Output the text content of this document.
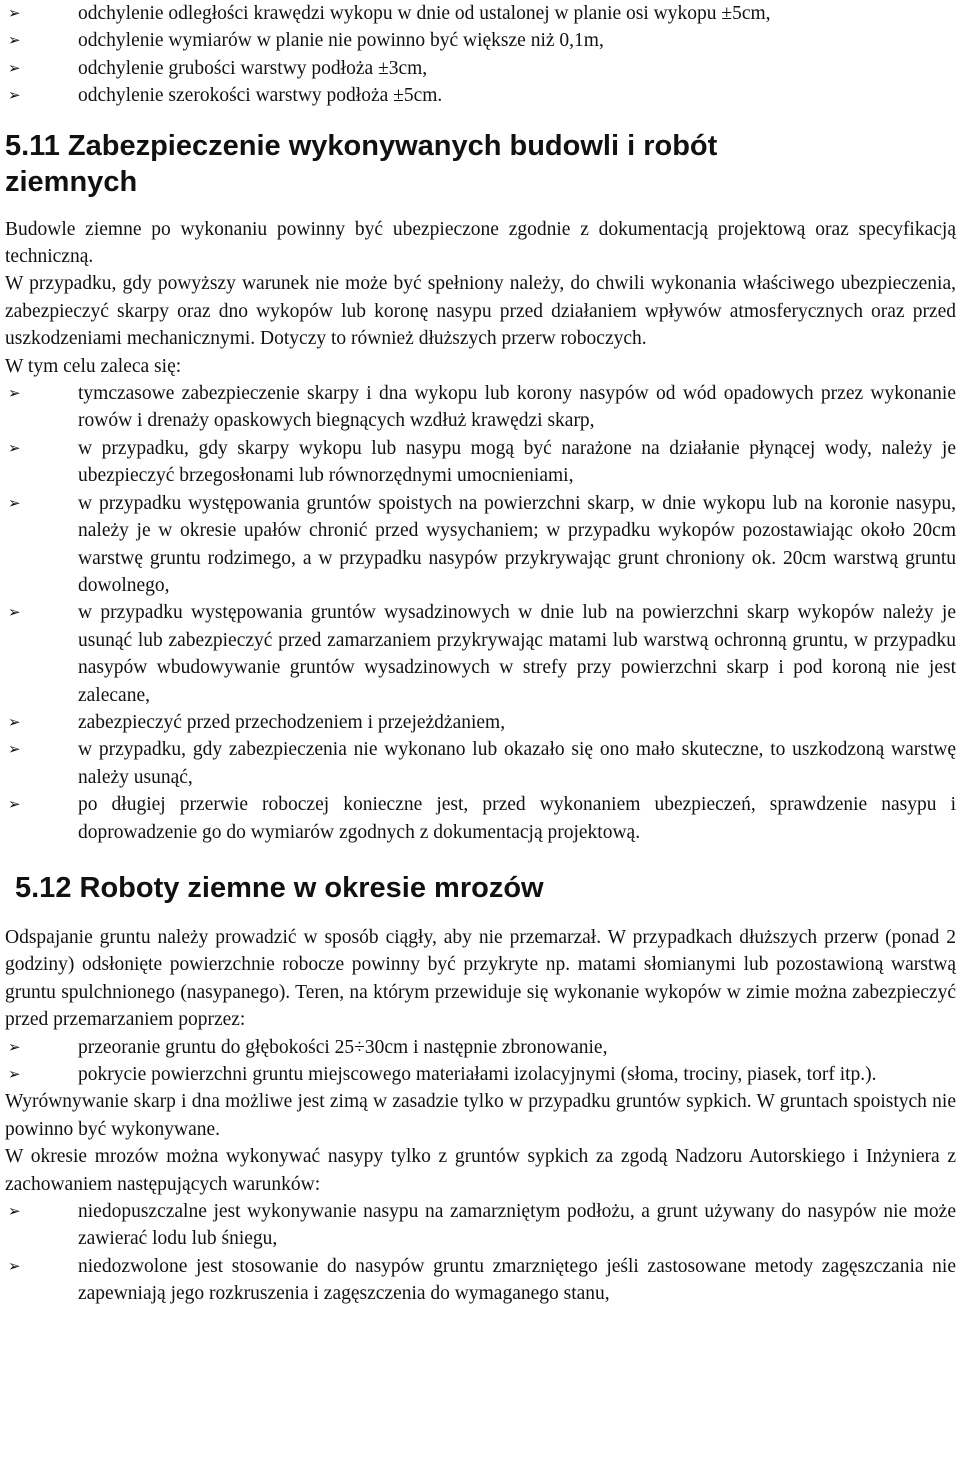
➢ odchylenie odległości krawędzi wykopu w dnie od ustalonej w planie osi wykopu ±5cm,
➢ odchylenie wymiarów w planie nie powinno być większe niż 0,1m,
➢ odchylenie grubości warstwy podłoża ±3cm,
➢ odchylenie szerokości warstwy podłoża ±5cm.
5.11 Zabezpieczenie wykonywanych budowli i robót
ziemnych

Budowle ziemne po wykonaniu powinny być ubezpieczone zgodnie z dokumentacją projektową oraz specyfikacją techniczną.

W przypadku, gdy powyższy warunek nie może być spełniony należy, do chwili wykonania właściwego ubezpieczenia, zabezpieczyć skarpy oraz dno wykopów lub koronę nasypu przed działaniem wpływów atmosferycznych oraz przed uszkodzeniami mechanicznymi. Dotyczy to również dłuższych przerw roboczych.

W tym celu zaleca się:

➢ tymczasowe zabezpieczenie skarpy i dna wykopu lub korony nasypów od wód opadowych przez wykonanie rowów i drenaży opaskowych biegnących wzdłuż krawędzi skarp,
➢ w przypadku, gdy skarpy wykopu lub nasypu mogą być narażone na działanie płynącej wody, należy je ubezpieczyć brzegosłonami lub równorzędnymi umocnieniami,
➢ w przypadku występowania gruntów spoistych na powierzchni skarp, w dnie wykopu lub na koronie nasypu, należy je w okresie upałów chronić przed wysychaniem; w przypadku wykopów pozostawiając około 20cm warstwę gruntu rodzimego, a w przypadku nasypów przykrywając grunt chroniony ok. 20cm warstwą gruntu dowolnego,
➢ w przypadku występowania gruntów wysadzinowych w dnie lub na powierzchni skarp wykopów należy je usunąć lub zabezpieczyć przed zamarzaniem przykrywając matami lub warstwą ochronną gruntu, w przypadku nasypów wbudowywanie gruntów wysadzinowych w strefy przy powierzchni skarp i pod koroną nie jest zalecane,
➢ zabezpieczyć przed przechodzeniem i przejeżdżaniem,
➢ w przypadku, gdy zabezpieczenia nie wykonano lub okazało się ono mało skuteczne, to uszkodzoną warstwę należy usunąć,
➢ po długiej przerwie roboczej konieczne jest, przed wykonaniem ubezpieczeń, sprawdzenie nasypu i doprowadzenie go do wymiarów zgodnych z dokumentacją projektową.
5.12 Roboty ziemne w okresie mrozów

Odspajanie gruntu należy prowadzić w sposób ciągły, aby nie przemarzał. W przypadkach dłuższych przerw (ponad 2 godziny) odsłonięte powierzchnie robocze powinny być przykryte np. matami słomianymi lub pozostawioną warstwą gruntu spulchnionego (nasypanego). Teren, na którym przewiduje się wykonanie wykopów w zimie można zabezpieczyć przed przemarzaniem poprzez:

➢ przeoranie gruntu do głębokości 25÷30cm i następnie zbronowanie,
➢ pokrycie powierzchni gruntu miejscowego materiałami izolacyjnymi (słoma, trociny, piasek, torf itp.).

Wyrównywanie skarp i dna możliwe jest zimą w zasadzie tylko w przypadku gruntów sypkich. W gruntach spoistych nie powinno być wykonywane.

W okresie mrozów można wykonywać nasypy tylko z gruntów sypkich za zgodą Nadzoru Autorskiego i Inżyniera z zachowaniem następujących warunków:

➢ niedopuszczalne jest wykonywanie nasypu na zamarzniętym podłożu, a grunt używany do nasypów nie może zawierać lodu lub śniegu,
➢ niedozwolone jest stosowanie do nasypów gruntu zmarzniętego jeśli zastosowane metody zagęszczania nie zapewniają jego rozkruszenia i zagęszczenia do wymaganego stanu,
